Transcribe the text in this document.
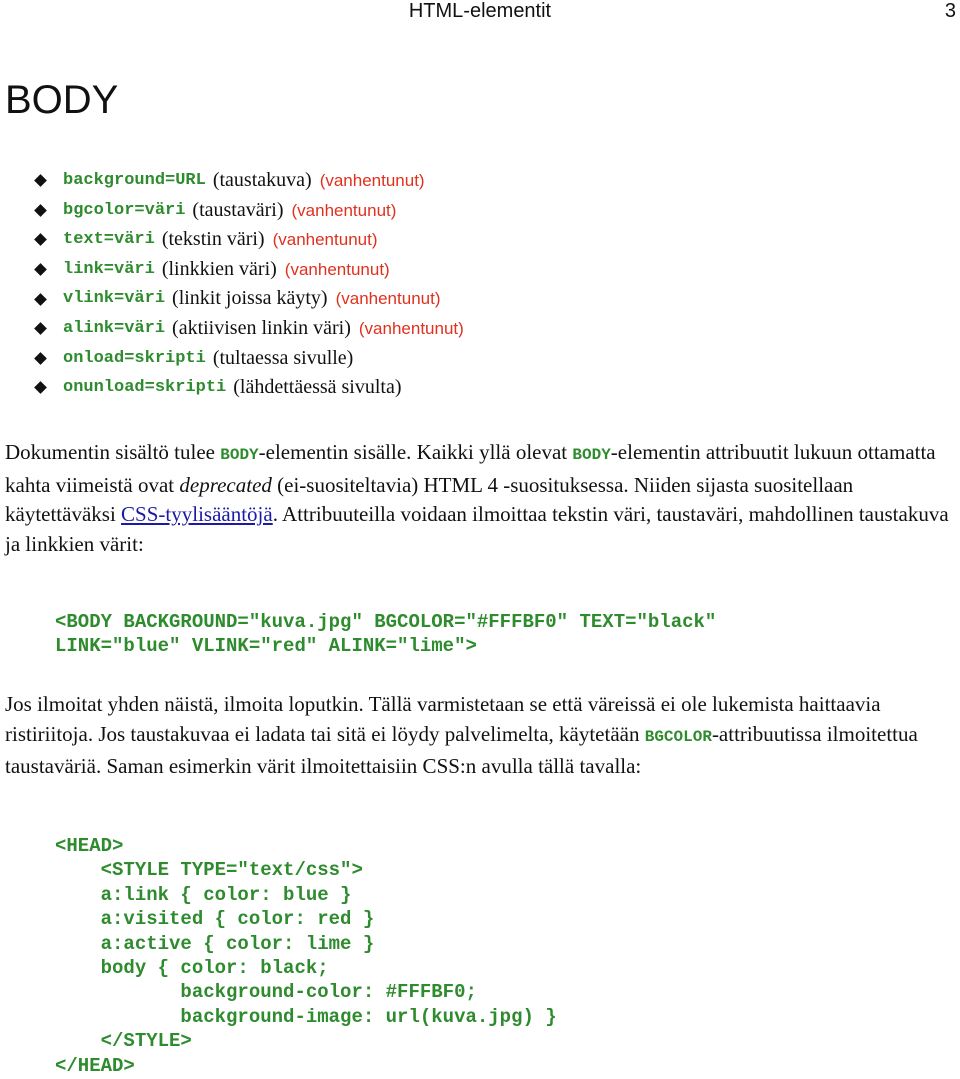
HTML-elementit	3
BODY
background=URL (taustakuva) (vanhentunut)
bgcolor=väri (taustaväri) (vanhentunut)
text=väri (tekstin väri) (vanhentunut)
link=väri (linkkien väri) (vanhentunut)
vlink=väri (linkit joissa käyty) (vanhentunut)
alink=väri (aktiivisen linkin väri) (vanhentunut)
onload=skripti (tultaessa sivulle)
onunload=skripti (lähdettäessä sivulta)

Dokumentin sisältö tulee BODY-elementin sisälle. Kaikki yllä olevat BODY-elementin attribuutit lukuun ottamatta kahta viimeistä ovat deprecated (ei-suositeltavia) HTML 4 -suosituksessa. Niiden sijasta suositellaan käytettäväksi CSS-tyylisääntöjä. Attribuuteilla voidaan ilmoittaa tekstin väri, taustaväri, mahdollinen taustakuva ja linkkien värit:

<BODY BACKGROUND="kuva.jpg" BGCOLOR="#FFFBF0" TEXT="black"
LINK="blue" VLINK="red" ALINK="lime">

Jos ilmoitat yhden näistä, ilmoita loputkin. Tällä varmistetaan se että väreissä ei ole lukemista haittaavia ristiriitoja. Jos taustakuvaa ei ladata tai sitä ei löydy palvelimelta, käytetään BGCOLOR-attribuutissa ilmoitettua taustaväriä. Saman esimerkin värit ilmoitettaisiin CSS:n avulla tällä tavalla:

<HEAD>
<STYLE TYPE="text/css">
a:link { color: blue }
a:visited { color: red }
a:active { color: lime }
body { color: black;
background-color: #FFFBF0;
background-image: url(kuva.jpg) }
</STYLE>
</HEAD>
